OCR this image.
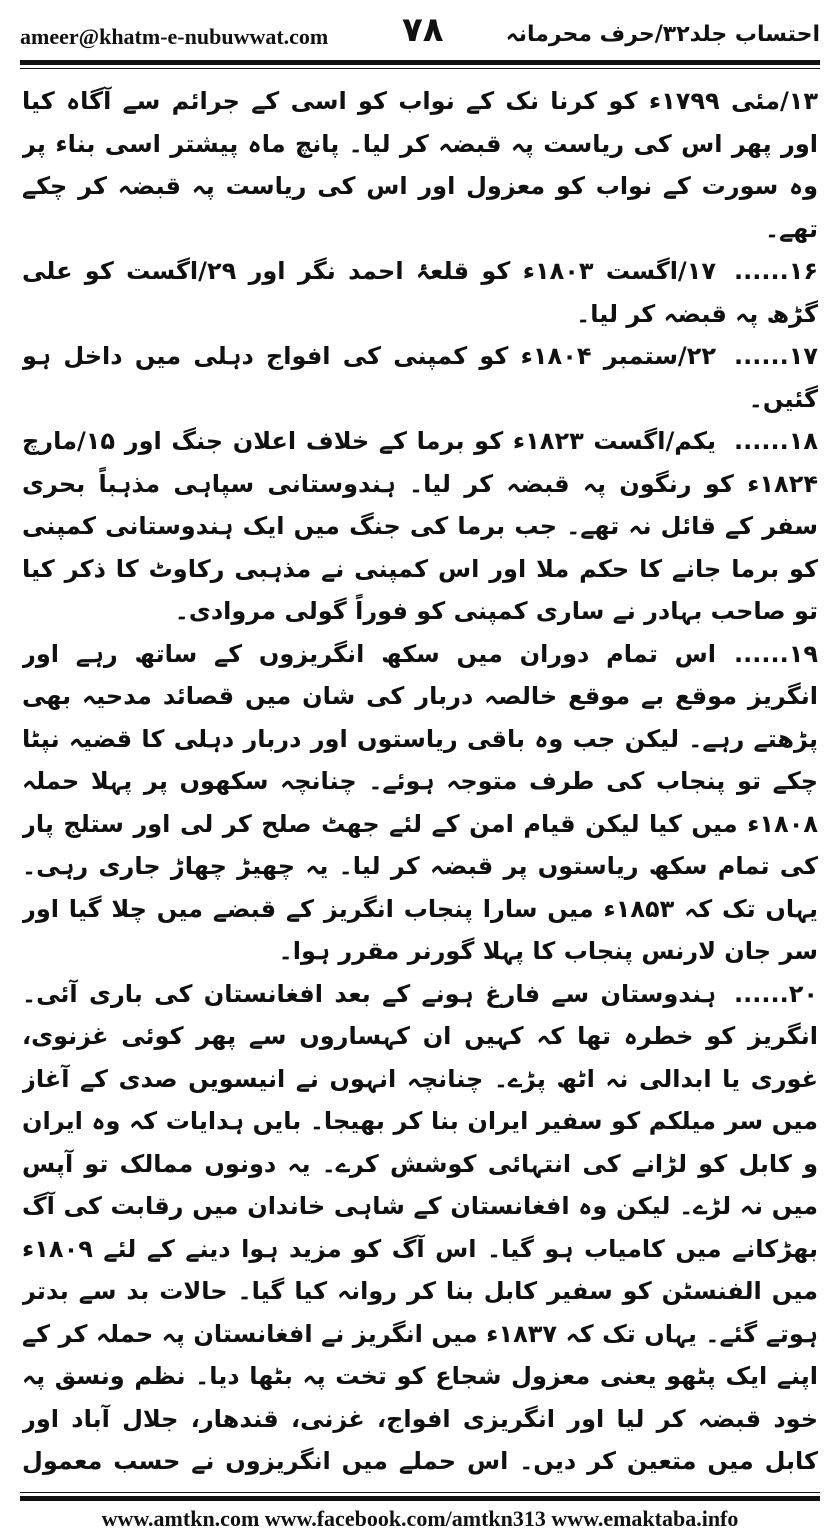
ameer@khatm-e-nubuwwat.com ۷۸	احتساب جلد۳۲/حرف محرمانہ

۱۳/مئی ۱۷۹۹ء کو کرنا نک کے نواب کو اسی کے جرائم سے آگاہ کیا اور پھر اس کی ریاست پہ قبضہ کر لیا۔ پانچ ماہ پیشتر اسی بناء پر وہ سورت کے نواب کو معزول اور اس کی ریاست پہ قبضہ کر چکے تھے۔

۱۶......۱۷/اگست ۱۸۰۳ء کو قلعۂ احمد نگر اور ۲۹/اگست کو علی گڑھ پہ قبضہ کر لیا۔

۱۷......۲۲/ستمبر ۱۸۰۴ء کو کمپنی کی افواج دہلی میں داخل ہو گئیں۔

۱۸......یکم/اگست ۱۸۲۳ء کو برما کے خلاف اعلان جنگ اور ۱۵/مارچ ۱۸۲۴ء کو رنگون پہ قبضہ کر لیا۔ ہندوستانی سپاہی مذہباً بحری سفر کے قائل نہ تھے۔ جب برما کی جنگ میں ایک ہندوستانی کمپنی کو برما جانے کا حکم ملا اور اس کمپنی نے مذہبی رکاوٹ کا ذکر کیا تو صاحب بہادر نے ساری کمپنی کو فوراً گولی مروادی۔

۱۹......اس تمام دوران میں سکھ انگریزوں کے ساتھ رہے اور انگریز موقع بے موقع خالصہ دربار کی شان میں قصائد مدحیہ بھی پڑھتے رہے۔ لیکن جب وہ باقی ریاستوں اور دربار دہلی کا قضیہ نپٹا چکے تو پنجاب کی طرف متوجہ ہوئے۔ چنانچہ سکھوں پر پہلا حملہ ۱۸۰۸ء میں کیا لیکن قیام امن کے لئے جھٹ صلح کر لی اور ستلج پار کی تمام سکھ ریاستوں پر قبضہ کر لیا۔ یہ چھیڑ چھاڑ جاری رہی۔ یہاں تک کہ ۱۸۵۳ء میں سارا پنجاب انگریز کے قبضے میں چلا گیا اور سر جان لارنس پنجاب کا پہلا گورنر مقرر ہوا۔

۲۰......ہندوستان سے فارغ ہونے کے بعد افغانستان کی باری آئی۔ انگریز کو خطرہ تھا کہ کہیں ان کہساروں سے پھر کوئی غزنوی، غوری یا ابدالی نہ اٹھ پڑے۔ چنانچہ انہوں نے انیسویں صدی کے آغاز میں سر میلکم کو سفیر ایران بنا کر بھیجا۔ بایں ہدایات کہ وہ ایران و کابل کو لڑانے کی انتہائی کوشش کرے۔ یہ دونوں ممالک تو آپس میں نہ لڑے۔ لیکن وہ افغانستان کے شاہی خاندان میں رقابت کی آگ بھڑکانے میں کامیاب ہو گیا۔ اس آگ کو مزید ہوا دینے کے لئے ۱۸۰۹ء میں الفنسٹن کو سفیر کابل بنا کر روانہ کیا گیا۔ حالات بد سے بدتر ہوتے گئے۔ یہاں تک کہ ۱۸۳۷ء میں انگریز نے افغانستان پہ حملہ کر کے اپنے ایک پٹھو یعنی معزول شجاع کو تخت پہ بٹھا دیا۔ نظم ونسق پہ خود قبضہ کر لیا اور انگریزی افواج، غزنی، قندھار، جلال آباد اور کابل میں متعین کر دیں۔ اس حملے میں انگریزوں نے حسب معمول

www.amtkn.com www.facebook.com/amtkn313 www.emaktaba.info
